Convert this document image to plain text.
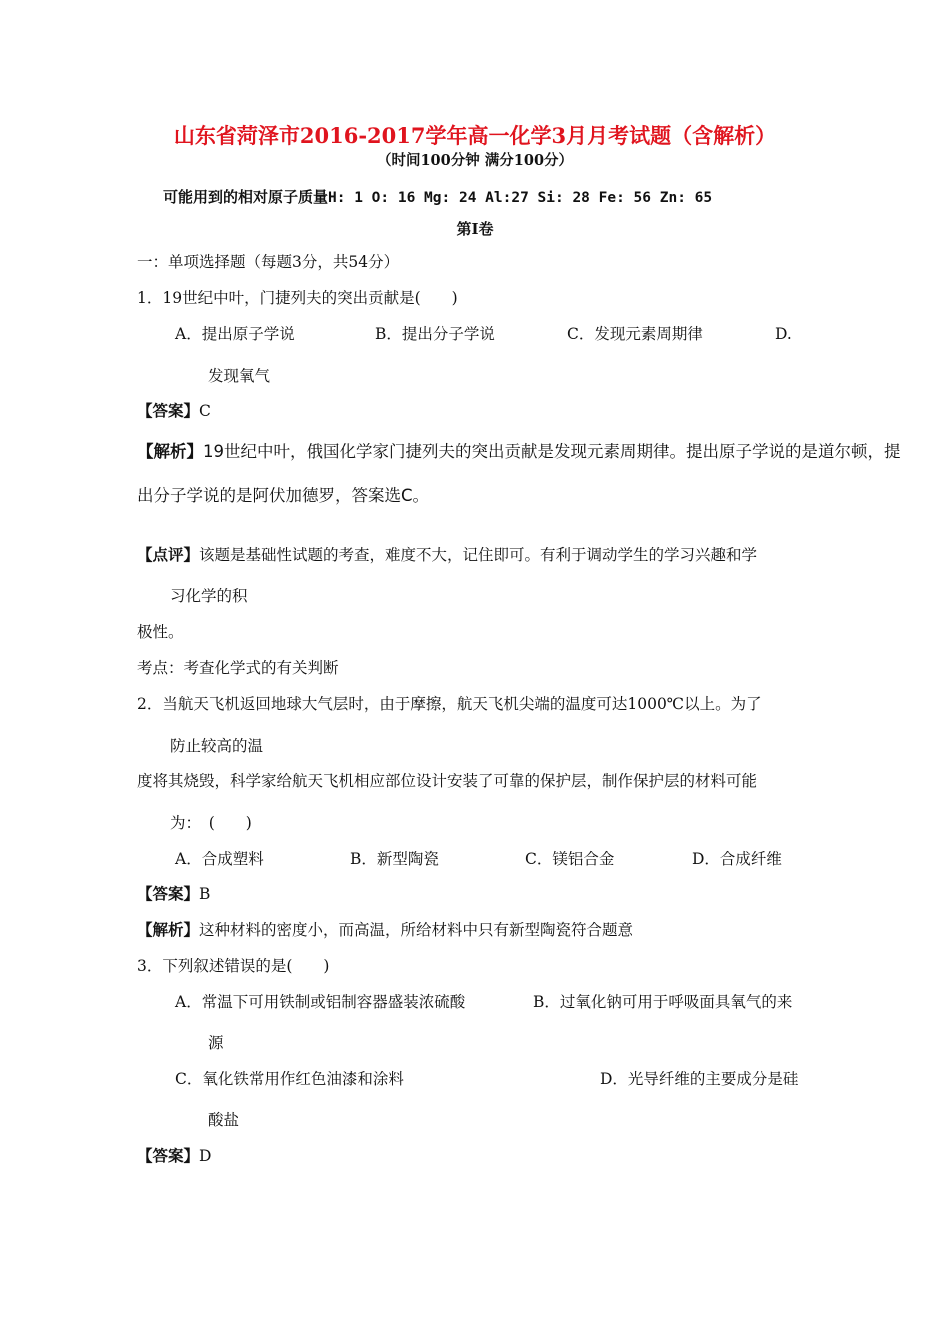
山东省菏泽市2016-2017学年高一化学3月月考试题（含解析）
（时间100分钟 满分100分）
可能用到的相对原子质量H: 1 O: 16 Mg: 24 Al:27 Si: 28 Fe: 56 Zn: 65
第Ⅰ卷
一：单项选择题（每题3分，共54分）
1．19世纪中叶，门捷列夫的突出贡献是(　　)
A．提出原子学说	B．提出分子学说	C．发现元素周期律	D.
发现氧气
【答案】C
【解析】19世纪中叶，俄国化学家门捷列夫的突出贡献是发现元素周期律。提出原子学说的是道尔顿，提
出分子学说的是阿伏加德罗，答案选C。
【点评】该题是基础性试题的考查，难度不大，记住即可。有利于调动学生的学习兴趣和学
习化学的积
极性。
考点：考查化学式的有关判断
2．当航天飞机返回地球大气层时，由于摩擦，航天飞机尖端的温度可达1000℃以上。为了
防止较高的温
度将其烧毁，科学家给航天飞机相应部位设计安装了可靠的保护层，制作保护层的材料可能
为：　(　　)
A．合成塑料	B．新型陶瓷	C．镁铝合金	D．合成纤维
【答案】B
【解析】这种材料的密度小，而高温，所给材料中只有新型陶瓷符合题意
3．下列叙述错误的是(　　)
A．常温下可用铁制或铝制容器盛装浓硫酸	B．过氧化钠可用于呼吸面具氧气的来
源
C．氧化铁常用作红色油漆和涂料	D．光导纤维的主要成分是硅
酸盐
【答案】D
